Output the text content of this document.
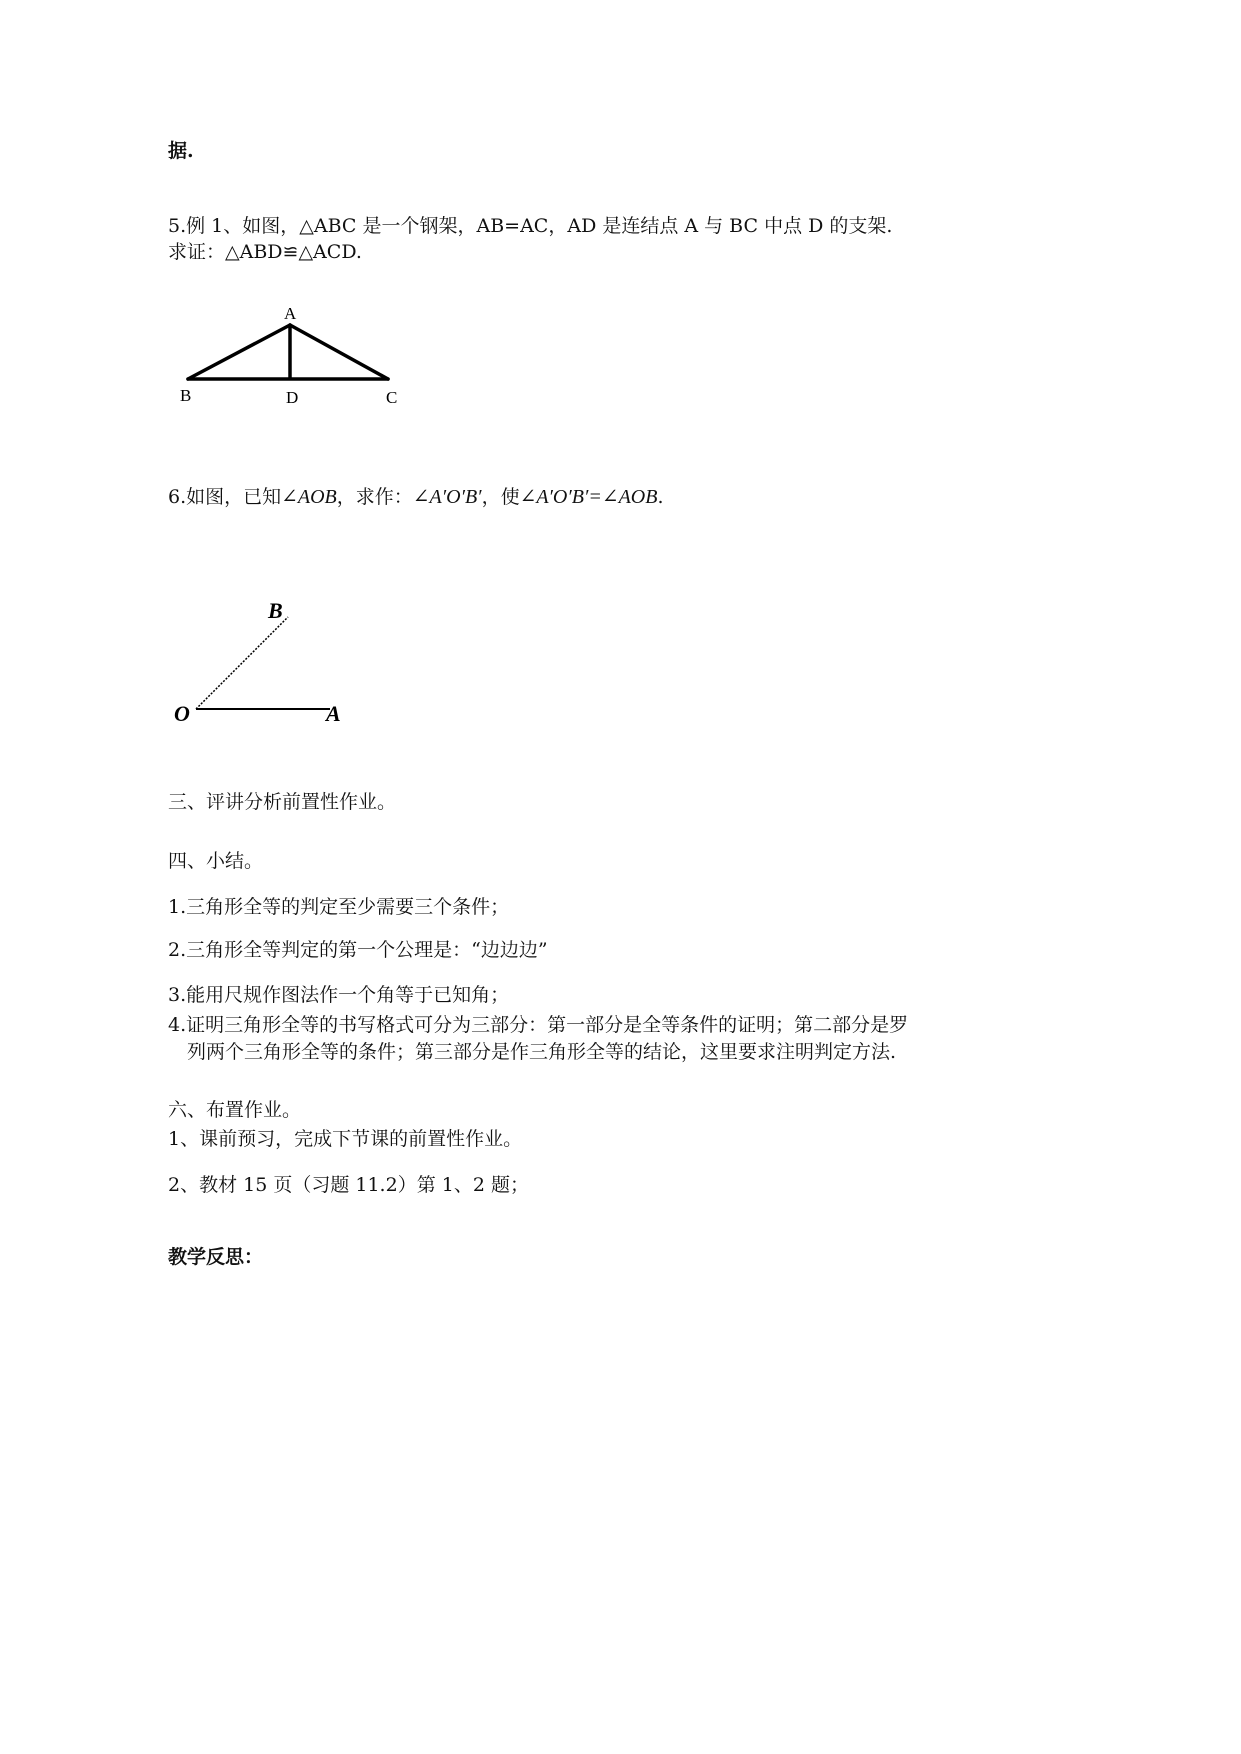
据.
5.例 1、如图，△ABC 是一个钢架，AB=AC，AD 是连结点 A 与 BC 中点 D 的支架.
求证：△ABD≌△ACD.
A
B	D	C
6.如图，已知∠AOB，求作：∠A′O′B′，使∠A′O′B′=∠AOB.
O	A
B
三、评讲分析前置性作业。
四、小结。
1.三角形全等的判定至少需要三个条件；
2.三角形全等判定的第一个公理是：“边边边”
3.能用尺规作图法作一个角等于已知角；
4.证明三角形全等的书写格式可分为三部分：第一部分是全等条件的证明；第二部分是罗
列两个三角形全等的条件；第三部分是作三角形全等的结论，这里要求注明判定方法.
六、布置作业。
1、课前预习，完成下节课的前置性作业。
2、教材 15 页（习题 11.2）第 1、2 题；
教学反思：
